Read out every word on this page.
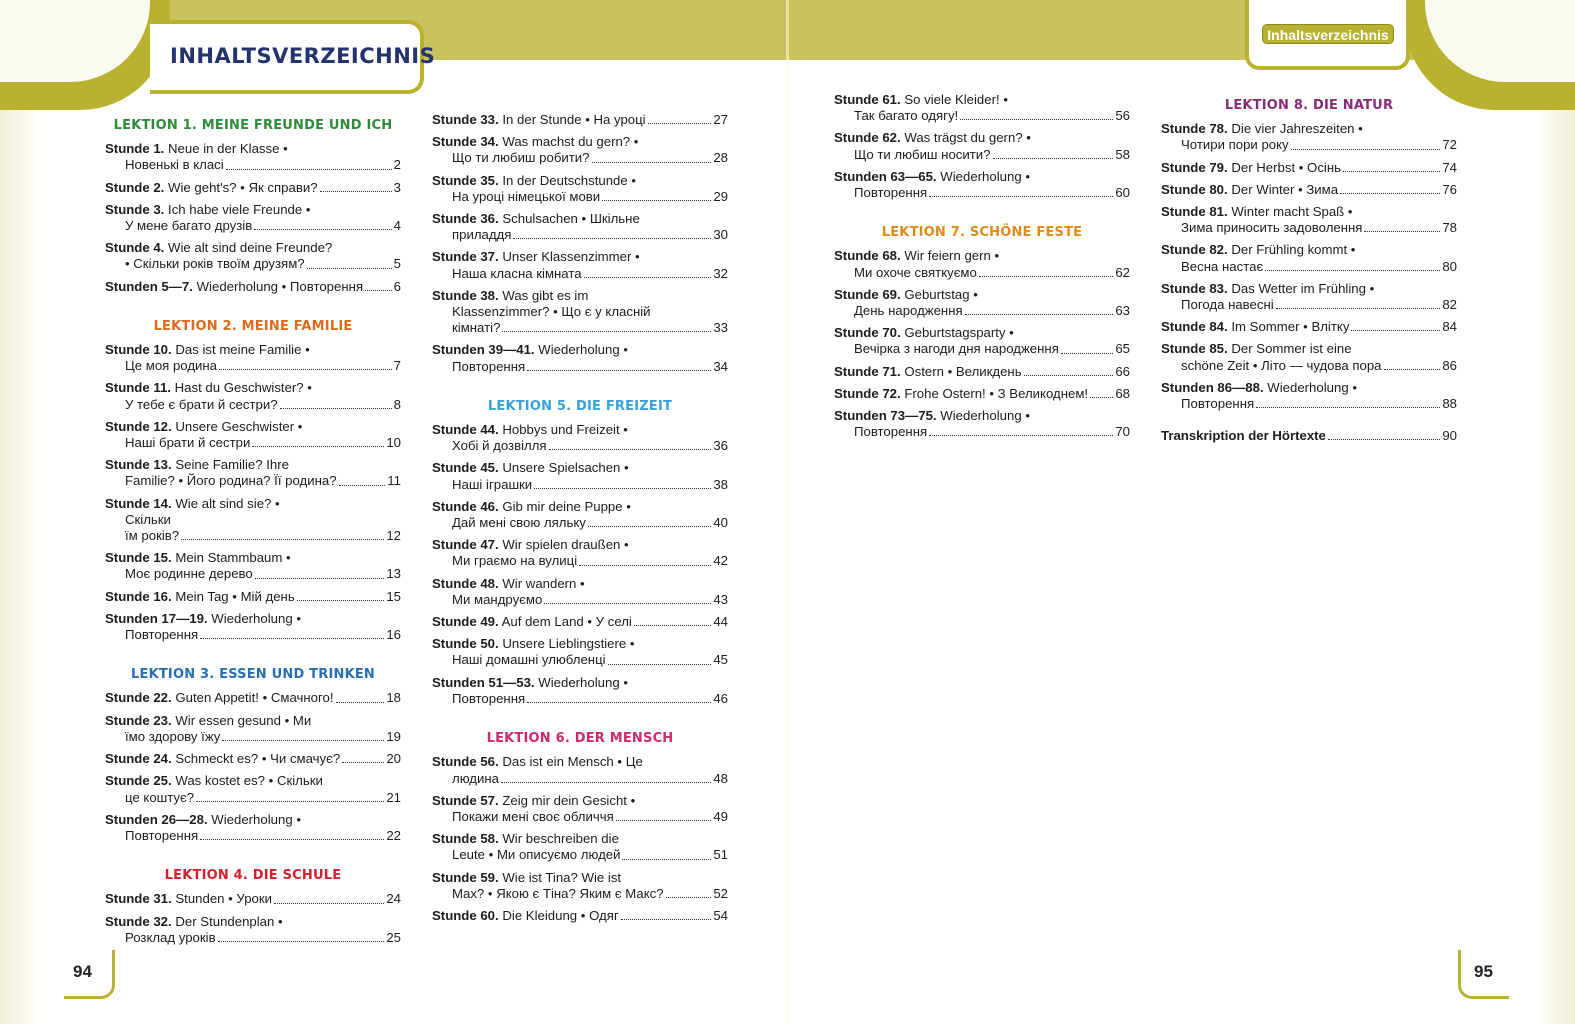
INHALTSVERZEICHNIS
Inhaltsverzeichnis
LEKTION 1. MEINE FREUNDE UND ICH
Stunde 1. Neue in der Klasse •
Новенькі в класі	2
Stunde 2. Wie geht's? • Як справи?	3
Stunde 3. Ich habe viele Freunde •
У мене багато друзів	4
Stunde 4. Wie alt sind deine Freunde?
• Скільки років твоїм друзям?	5
Stunden 5—7. Wiederholung • Повторення 6
LEKTION 2. MEINE FAMILIE
Stunde 10. Das ist meine Familie •
Це моя родина	7
Stunde 11. Hast du Geschwister? •
У тебе є брати й сестри?	8
Stunde 12. Unsere Geschwister •
Наші брати й сестри	10
Stunde 13. Seine Familie? Ihre
Familie? • Його родина? Її родина?	11
Stunde 14. Wie alt sind sie? •
Скільки
їм років?	12
Stunde 15. Mein Stammbaum •
Моє родинне дерево	13
Stunde 16. Mein Tag • Мій день	15
Stunden 17—19. Wiederholung •
Повторення	16
LEKTION 3. ESSEN UND TRINKEN
Stunde 22. Guten Appetit! • Смачного!	18
Stunde 23. Wir essen gesund • Ми
їмо здорову їжу	19
Stunde 24. Schmeckt es? • Чи смачує?	20
Stunde 25. Was kostet es? • Скільки
це коштує?	21
Stunden 26—28. Wiederholung •
Повторення	22
LEKTION 4. DIE SCHULE
Stunde 31. Stunden • Уроки	24
Stunde 32. Der Stundenplan •
Розклад уроків	25
Stunde 33. In der Stunde • На уроці	27
Stunde 34. Was machst du gern? •
Що ти любиш робити?	28
Stunde 35. In der Deutschstunde •
На уроці німецької мови	29
Stunde 36. Schulsachen • Шкільне
приладдя	30
Stunde 37. Unser Klassenzimmer •
Наша класна кімната	32
Stunde 38. Was gibt es im
Klassenzimmer? • Що є у класній
кімнаті?	33
Stunden 39—41. Wiederholung •
Повторення	34
LEKTION 5. DIE FREIZEIT
Stunde 44. Hobbys und Freizeit •
Хобі й дозвілля	36
Stunde 45. Unsere Spielsachen •
Наші іграшки	38
Stunde 46. Gib mir deine Puppe •
Дай мені свою ляльку	40
Stunde 47. Wir spielen draußen •
Ми граємо на вулиці	42
Stunde 48. Wir wandern •
Ми мандруємо	43
Stunde 49. Auf dem Land • У селі	44
Stunde 50. Unsere Lieblingstiere •
Наші домашні улюбленці	45
Stunden 51—53. Wiederholung •
Повторення	46
LEKTION 6. DER MENSCH
Stunde 56. Das ist ein Mensch • Це
людина	48
Stunde 57. Zeig mir dein Gesicht •
Покажи мені своє обличчя	49
Stunde 58. Wir beschreiben die
Leute • Ми описуємо людей	51
Stunde 59. Wie ist Tina? Wie ist
Max? • Якою є Тіна? Яким є Макс?	52
Stunde 60. Die Kleidung • Одяг	54
Stunde 61. So viele Kleider! •
Так багато одягу!	56
Stunde 62. Was trägst du gern? •
Що ти любиш носити?	58
Stunden 63—65. Wiederholung •
Повторення	60
LEKTION 7. SCHÖNE FESTE
Stunde 68. Wir feiern gern •
Ми охоче святкуємо	62
Stunde 69. Geburtstag •
День народження	63
Stunde 70. Geburtstagsparty •
Вечірка з нагоди дня народження	65
Stunde 71. Ostern • Великдень	66
Stunde 72. Frohe Ostern! • З Великоднем! 68
Stunden 73—75. Wiederholung •
Повторення	70
LEKTION 8. DIE NATUR
Stunde 78. Die vier Jahreszeiten •
Чотири пори року	72
Stunde 79. Der Herbst • Осінь	74
Stunde 80. Der Winter • Зима	76
Stunde 81. Winter macht Spaß •
Зима приносить задоволення	78
Stunde 82. Der Frühling kommt •
Весна настає	80
Stunde 83. Das Wetter im Frühling •
Погода навесні	82
Stunde 84. Im Sommer • Влітку	84
Stunde 85. Der Sommer ist eine
schöne Zeit • Літо — чудова пора	86
Stunden 86—88. Wiederholung •
Повторення	88
Transkription der Hörtexte	90
94	95
